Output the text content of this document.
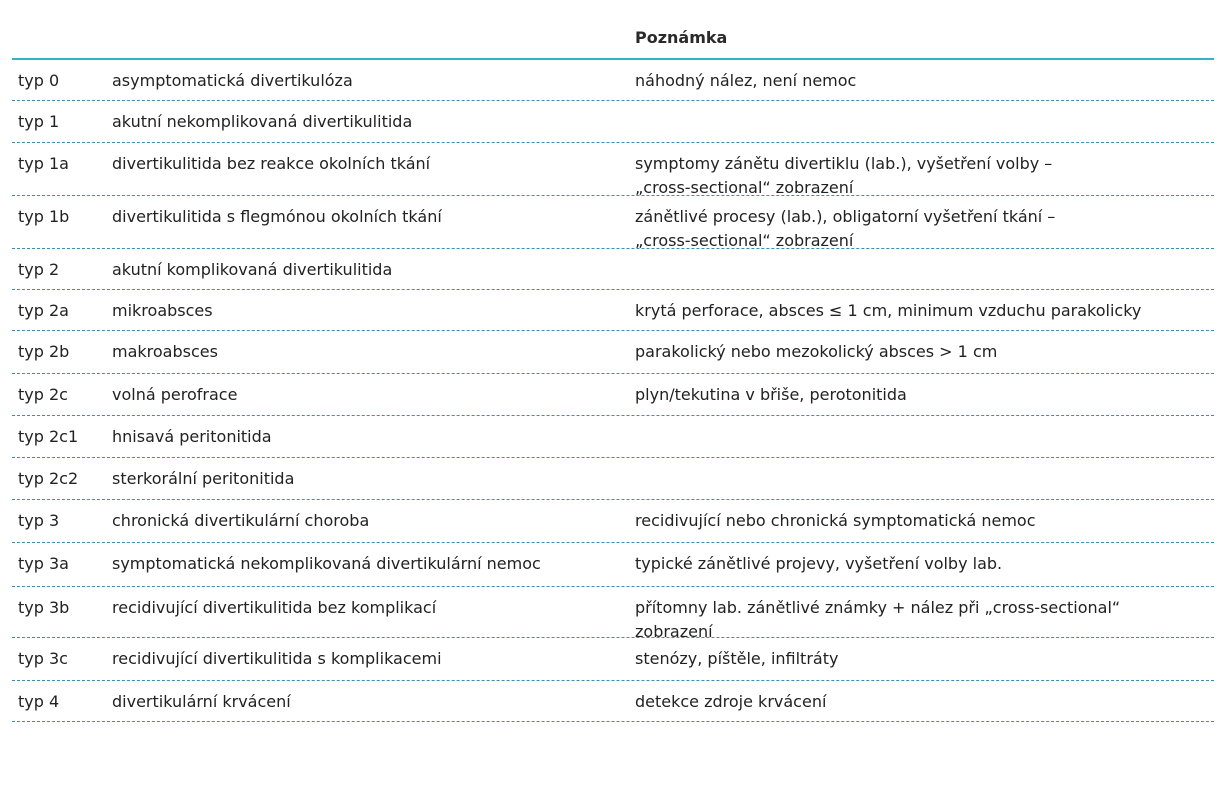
Poznámka
typ 0	asymptomatická divertikulóza	náhodný nález, není nemoc
typ 1	akutní nekomplikovaná divertikulitida
typ 1a	divertikulitida bez reakce okolních tkání	symptomy zánětu divertiklu (lab.), vyšetření volby –
„cross-sectional“ zobrazení
typ 1b	divertikulitida s flegmónou okolních tkání	zánětlivé procesy (lab.), obligatorní vyšetření tkání –
„cross-sectional“ zobrazení
typ 2	akutní komplikovaná divertikulitida
typ 2a	mikroabsces	krytá perforace, absces ≤ 1 cm, minimum vzduchu parakolicky
typ 2b	makroabsces	parakolický nebo mezokolický absces > 1 cm
typ 2c	volná perofrace	plyn/tekutina v břiše, perotonitida
typ 2c1 hnisavá peritonitida
typ 2c2 sterkorální peritonitida
typ 3	chronická divertikulární choroba	recidivující nebo chronická symptomatická nemoc
typ 3a	symptomatická nekomplikovaná divertikulární nemoc	typické zánětlivé projevy, vyšetření volby lab.
typ 3b	recidivující divertikulitida bez komplikací	přítomny lab. zánětlivé známky + nález při „cross-sectional“
zobrazení
typ 3c	recidivující divertikulitida s komplikacemi	stenózy, píštěle, infiltráty
typ 4	divertikulární krvácení	detekce zdroje krvácení
